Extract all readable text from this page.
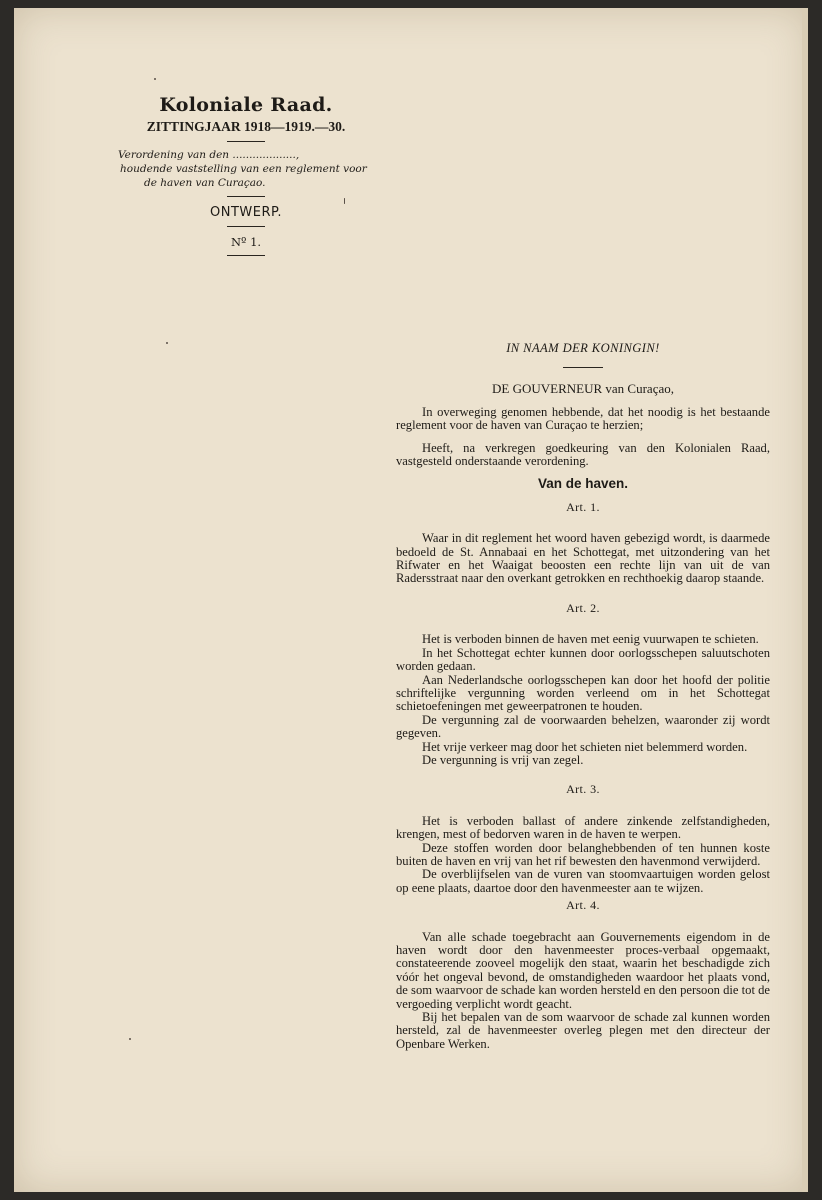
Koloniale Raad.

ZITTINGJAAR 1918—1919.—30.

Verordening van den ...................,
houdende vaststelling van een reglement voor
de haven van Curaçao.

ONTWERP.

Nº 1.

IN NAAM DER KONINGIN!

DE GOUVERNEUR van Curaçao,

In overweging genomen hebbende, dat het noodig is het bestaande reglement voor de haven van Curaçao te herzien;

Heeft, na verkregen goedkeuring van den Kolonialen Raad, vastgesteld onderstaande verordening.

Van de haven.

Art. 1.

Waar in dit reglement het woord haven gebezigd wordt, is daarmede bedoeld de St. Annabaai en het Schottegat, met uitzondering van het Rifwater en het Waaigat beoosten een rechte lijn van uit de van Radersstraat naar den overkant getrokken en rechthoekig daarop staande.

Art. 2.

Het is verboden binnen de haven met eenig vuurwapen te schieten.

In het Schottegat echter kunnen door oorlogsschepen saluutschoten worden gedaan.

Aan Nederlandsche oorlogsschepen kan door het hoofd der politie schriftelijke vergunning worden verleend om in het Schottegat schietoefeningen met geweerpatronen te houden.

De vergunning zal de voorwaarden behelzen, waaronder zij wordt gegeven.

Het vrije verkeer mag door het schieten niet belemmerd worden.

De vergunning is vrij van zegel.

Art. 3.

Het is verboden ballast of andere zinkende zelfstandigheden, krengen, mest of bedorven waren in de haven te werpen.

Deze stoffen worden door belanghebbenden of ten hunnen koste buiten de haven en vrij van het rif bewesten den havenmond verwijderd.

De overblijfselen van de vuren van stoomvaartuigen worden gelost op eene plaats, daartoe door den havenmeester aan te wijzen.

Art. 4.

Van alle schade toegebracht aan Gouvernements eigendom in de haven wordt door den havenmeester proces-verbaal opgemaakt, constateerende zooveel mogelijk den staat, waarin het beschadigde zich vóór het ongeval bevond, de omstandigheden waardoor het plaats vond, de som waarvoor de schade kan worden hersteld en den persoon die tot de vergoeding verplicht wordt geacht.

Bij het bepalen van de som waarvoor de schade zal kunnen worden hersteld, zal de havenmeester overleg plegen met den directeur der Openbare Werken.
